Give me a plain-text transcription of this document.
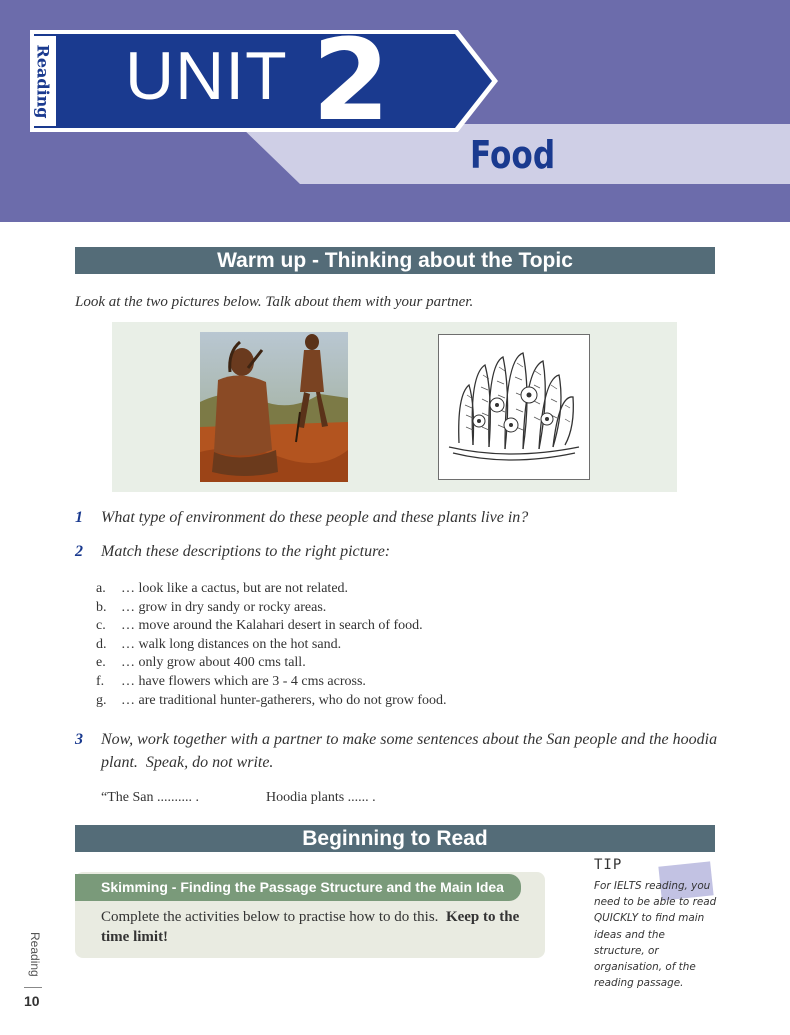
Reading UNIT 2
Food
Warm up - Thinking about the Topic
Look at the two pictures below. Talk about them with your partner.
1 What type of environment do these people and these plants live in?
2 Match these descriptions to the right picture:
a. … look like a cactus, but are not related.
b. … grow in dry sandy or rocky areas.
c. … move around the Kalahari desert in search of food.
d. … walk long distances on the hot sand.
e. … only grow about 400 cms tall.
f. … have flowers which are 3 - 4 cms across.
g. … are traditional hunter-gatherers, who do not grow food.
3 Now, work together with a partner to make some sentences about the San people and the hoodia
plant. Speak, do not write.
“The San .......... .	Hoodia plants ...... .
Beginning to Read
Skimming - Finding the Passage Structure and the Main Idea
Complete the activities below to practise how to do this. Keep to the time limit!
TIP
For IELTS reading, you need to be able to read QUICKLY to find main ideas and the structure, or organisation, of the reading passage.
Reading
10
